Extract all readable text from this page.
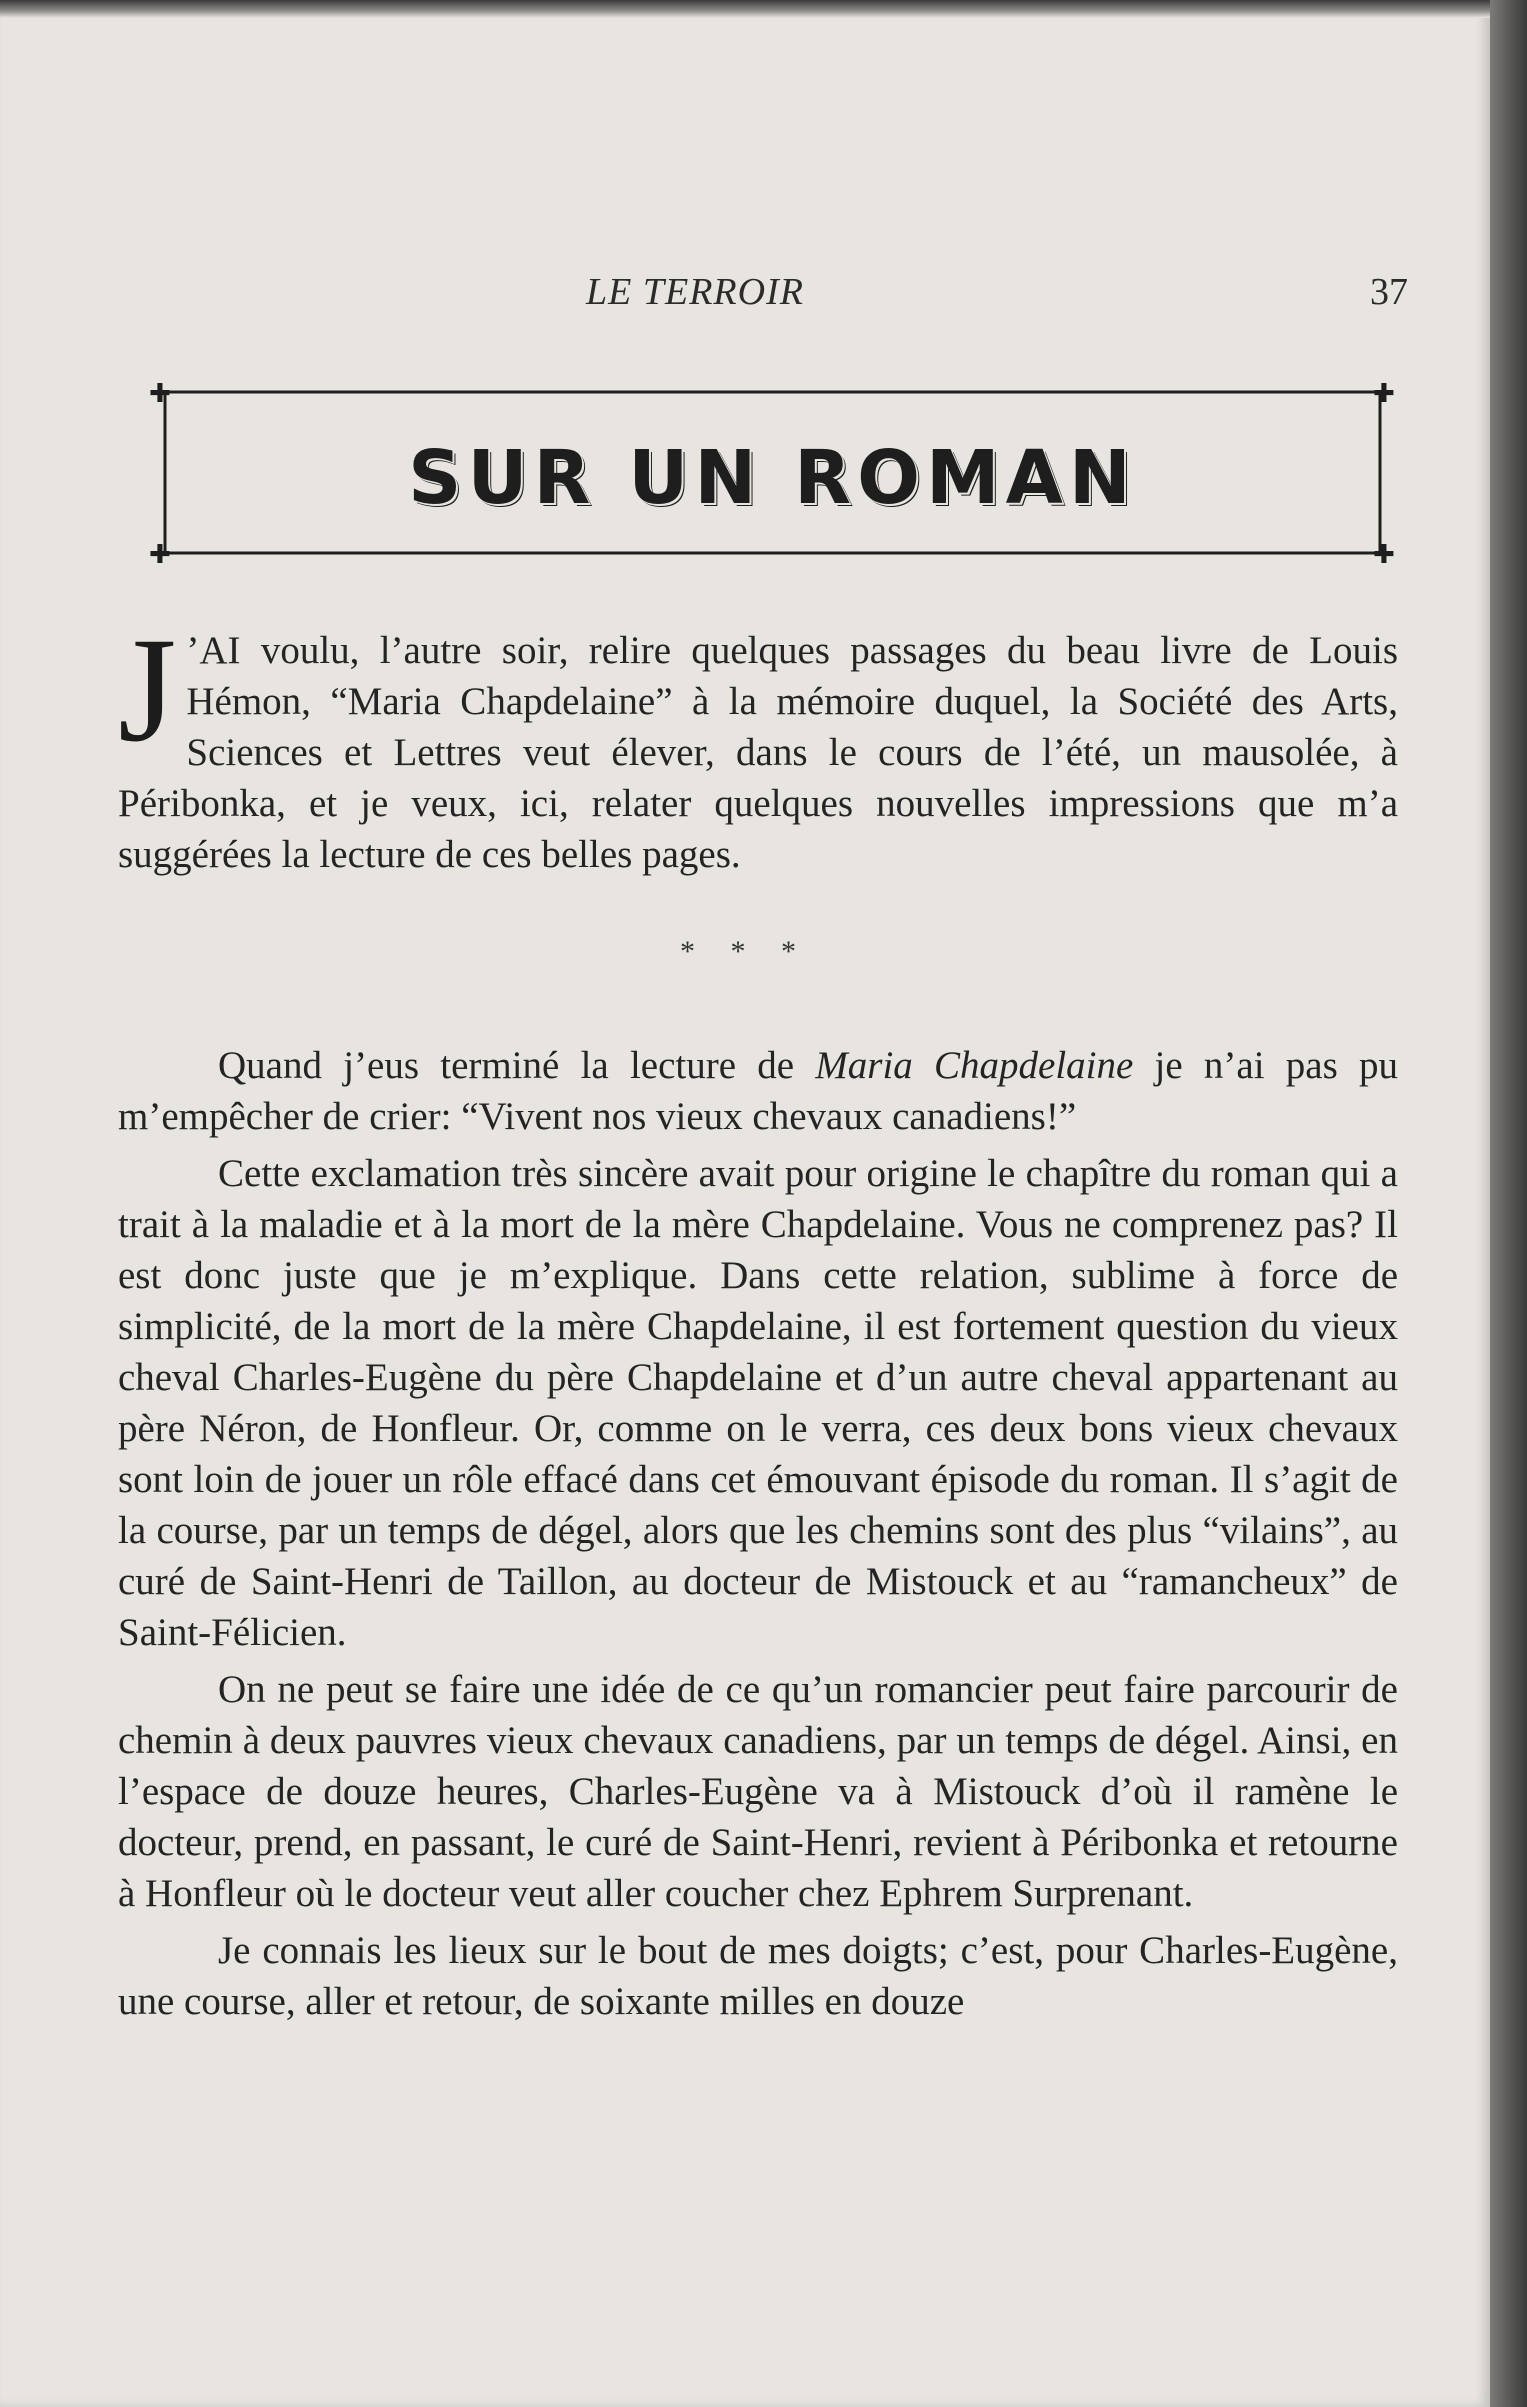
LE TERROIR	37
✚	✚
✚	✚
SUR UN ROMAN
J ’AI voulu, l’autre soir, relire quelques passages du beau livre de Louis Hémon, “Maria Chapdelaine” à la mémoire duquel, la Société des Arts, Sciences et Lettres veut élever, dans le cours de l’été, un mausolée, à Péribonka, et je veux, ici, relater quelques nouvelles impressions que m’a suggérées la lecture de ces belles pages.
* * *

Quand j’eus terminé la lecture de Maria Chapdelaine je n’ai pas pu m’empêcher de crier: “Vivent nos vieux chevaux canadiens!”

Cette exclamation très sincère avait pour origine le chapître du roman qui a trait à la maladie et à la mort de la mère Chapdelaine. Vous ne comprenez pas? Il est donc juste que je m’explique. Dans cette relation, sublime à force de simplicité, de la mort de la mère Chapdelaine, il est fortement question du vieux cheval Charles-Eugène du père Chapdelaine et d’un autre cheval appartenant au père Néron, de Honfleur. Or, comme on le verra, ces deux bons vieux chevaux sont loin de jouer un rôle effacé dans cet émouvant épisode du roman. Il s’agit de la course, par un temps de dégel, alors que les chemins sont des plus “vilains”, au curé de Saint-Henri de Taillon, au docteur de Mistouck et au “ramancheux” de Saint-Félicien.

On ne peut se faire une idée de ce qu’un romancier peut faire parcourir de chemin à deux pauvres vieux chevaux canadiens, par un temps de dégel. Ainsi, en l’espace de douze heures, Charles-Eugène va à Mistouck d’où il ramène le docteur, prend, en passant, le curé de Saint-Henri, revient à Péribonka et retourne à Honfleur où le docteur veut aller coucher chez Ephrem Surprenant.

Je connais les lieux sur le bout de mes doigts; c’est, pour Charles-Eugène, une course, aller et retour, de soixante milles en douze
